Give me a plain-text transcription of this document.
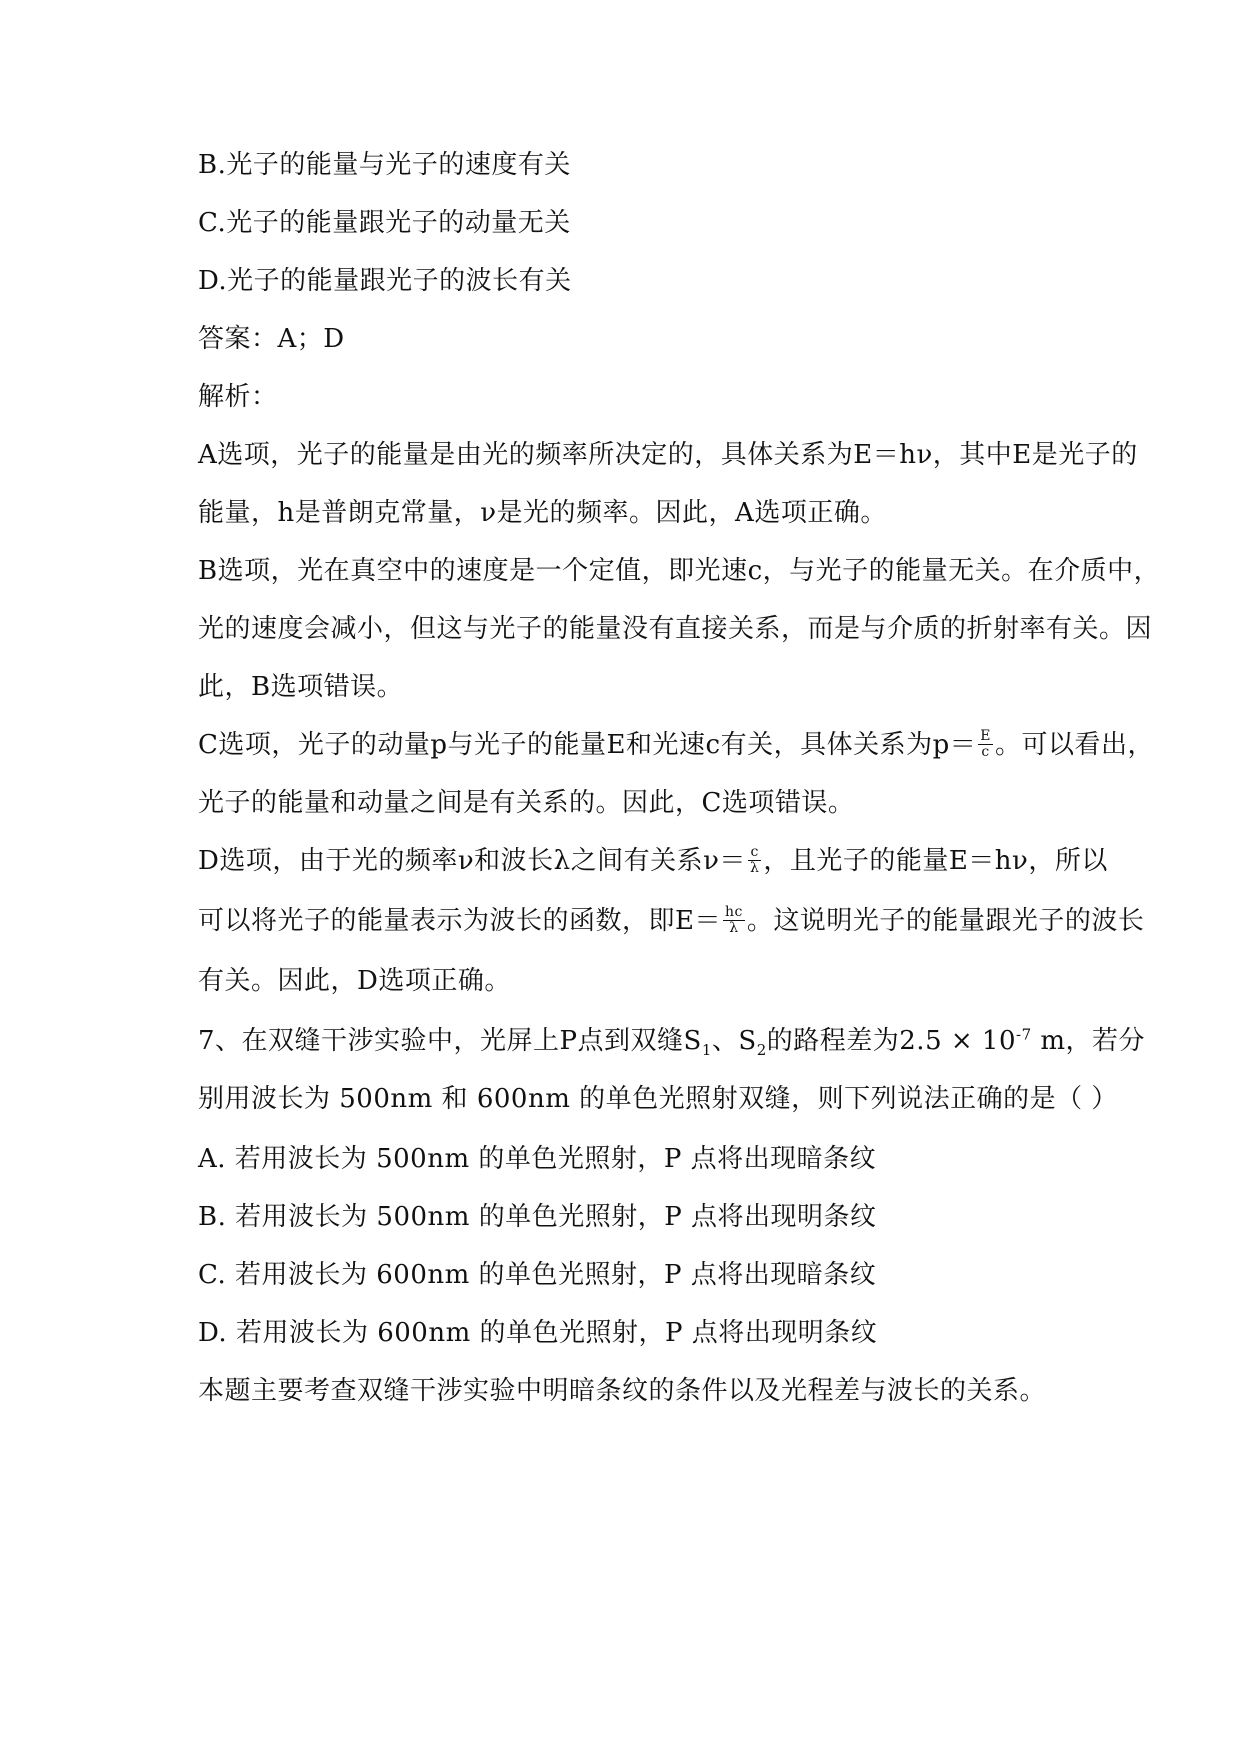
B.光子的能量与光子的速度有关
C.光子的能量跟光子的动量无关
D.光子的能量跟光子的波长有关
答案：A；D
解析：
A选项，光子的能量是由光的频率所决定的，具体关系为E＝hν，其中E是光子的
能量，h是普朗克常量，ν是光的频率。因此，A选项正确。
B选项，光在真空中的速度是一个定值，即光速c，与光子的能量无关。在介质中，
光的速度会减小，但这与光子的能量没有直接关系，而是与介质的折射率有关。因
此，B选项错误。
C选项，光子的动量p与光子的能量E和光速c有关，具体关系为$p= \frac{E}{c}$ 。可以看出，
光子的能量和动量之间是有关系的。因此，C选项错误。
D选项，由于光的频率ν和波长λ之间有关系$\nu= \frac{c}{\lambda}$ ，且光子的能量E＝hν，所以
可以将光子的能量表示为波长的函数，即$E= \frac{hc}{\lambda}$ 。这说明光子的能量跟光子的波长
有关。因此，D选项正确。
7、在双缝干涉实验中，光屏上P点到双缝$S_1$、$S_2$的路程差为$2.5 \times 10^{-7}$ m，若分
别用波长为 500nm 和 600nm 的单色光照射双缝，则下列说法正确的是（ ）
A. 若用波长为 500nm 的单色光照射，P 点将出现暗条纹
B. 若用波长为 500nm 的单色光照射，P 点将出现明条纹
C. 若用波长为 600nm 的单色光照射，P 点将出现暗条纹
D. 若用波长为 600nm 的单色光照射，P 点将出现明条纹
本题主要考查双缝干涉实验中明暗条纹的条件以及光程差与波长的关系。
